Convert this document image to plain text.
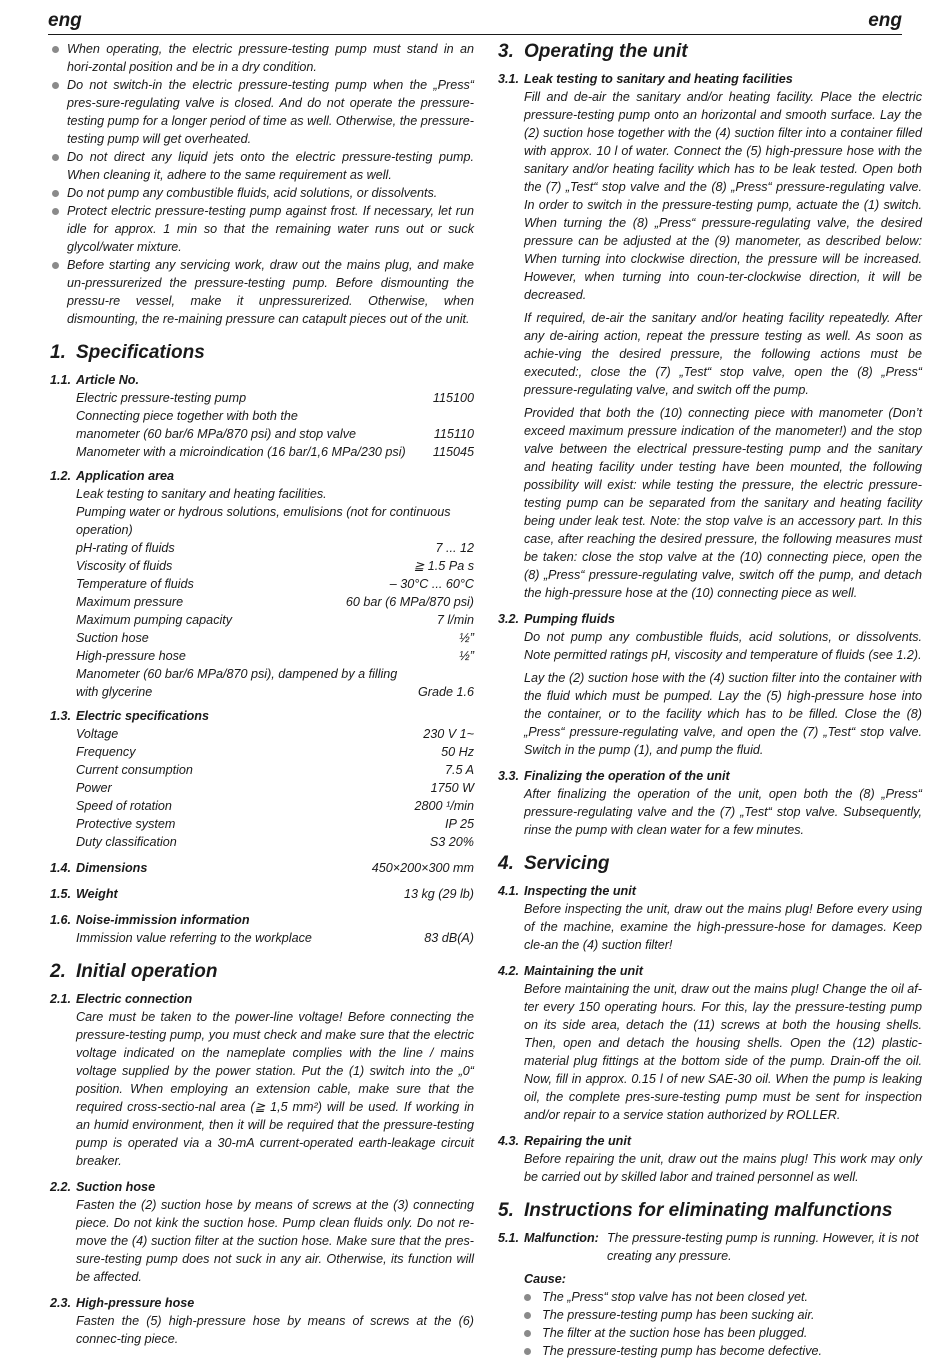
eng	eng
When operating, the electric pressure-testing pump must stand in an hori-zontal position and be in a dry condition.
Do not switch-in the electric pressure-testing pump when the „Press“ pres-sure-regulating valve is closed. And do not operate the pressure-testing pump for a longer period of time as well. Otherwise, the pressure-testing pump will get overheated.
Do not direct any liquid jets onto the electric pressure-testing pump. When cleaning it, adhere to the same requirement as well.
Do not pump any combustible fluids, acid solutions, or dissolvents.
Protect electric pressure-testing pump against frost. If necessary, let run idle for approx. 1 min so that the remaining water runs out or suck glycol/water mixture.
Before starting any servicing work, draw out the mains plug, and make un-pressurerized the pressure-testing pump. Before dismounting the pressu-re vessel, make it unpressurerized. Otherwise, when dismounting, the re-maining pressure can catapult pieces out of the unit.
1. Specifications
1.1. Article No.
Electric pressure-testing pump	115100
Connecting piece together with both the
manometer (60 bar/6 MPa/870 psi) and stop valve	115110
Manometer with a microindication (16 bar/1,6 MPa/230 psi)	115045
1.2. Application area
Leak testing to sanitary and heating facilities.
Pumping water or hydrous solutions, emulisions (not for continuous operation)
pH-rating of fluids	7 ... 12
Viscosity of fluids	≧ 1.5 Pa s
Temperature of fluids	– 30°C ... 60°C
Maximum pressure	60 bar (6 MPa/870 psi)
Maximum pumping capacity	7 l/min
Suction hose	½”
High-pressure hose	½”
Manometer (60 bar/6 MPa/870 psi), dampened by a filling
with glycerine	Grade 1.6
1.3. Electric specifications
Voltage	230 V 1~
Frequency	50 Hz
Current consumption	7.5 A
Power	1750 W
Speed of rotation	2800 ¹/min
Protective system	IP 25
Duty classification	S3 20%
1.4. Dimensions	450×200×300 mm
1.5. Weight	13 kg (29 lb)
1.6. Noise-immission information
Immission value referring to the workplace	83 dB(A)
2. Initial operation
2.1. Electric connection
Care must be taken to the power-line voltage! Before connecting the pressure-testing pump, you must check and make sure that the electric voltage indicated on the nameplate complies with the line / mains voltage supplied by the power station. Put the (1) switch into the „0“ position. When employing an extension cable, make sure that the required cross-sectio-nal area (≧ 1,5 mm²) will be used. If working in an humid environment, then it will be required that the pressure-testing pump is operated via a 30-mA current-operated earth-leakage circuit breaker.
2.2. Suction hose
Fasten the (2) suction hose by means of screws at the (3) connecting piece. Do not kink the suction hose. Pump clean fluids only. Do not re-move the (4) suction filter at the suction hose. Make sure that the pres-sure-testing pump does not suck in any air. Otherwise, its function will be affected.
2.3. High-pressure hose
Fasten the (5) high-pressure hose by means of screws at the (6) connec-ting piece.
3. Operating the unit
3.1. Leak testing to sanitary and heating facilities
Fill and de-air the sanitary and/or heating facility. Place the electric pressure-testing pump onto an horizontal and smooth surface. Lay the (2) suction hose together with the (4) suction filter into a container filled with approx. 10 l of water. Connect the (5) high-pressure hose with the sanitary and/or heating facility which has to be leak tested. Open both the (7) „Test“ stop valve and the (8) „Press“ pressure-regulating valve. In order to switch in the pressure-testing pump, actuate the (1) switch. When turning the (8) „Press“ pressure-regulating valve, the desired pressure can be adjusted at the (9) manometer, as described below: When turning into clockwise direction, the pressure will be increased. However, when turning into coun-ter-clockwise direction, it will be decreased.
If required, de-air the sanitary and/or heating facility repeatedly. After any de-airing action, repeat the pressure testing as well. As soon as achie-ving the desired pressure, the following actions must be executed:, close the (7) „Test“ stop valve, open the (8) „Press“ pressure-regulating valve, and switch off the pump.
Provided that both the (10) connecting piece with manometer (Don’t exceed maximum pressure indication of the manometer!) and the stop valve between the electrical pressure-testing pump and the sanitary and heating facility under testing have been mounted, the following possibility will exist: while testing the pressure, the electric pressure-testing pump can be separated from the sanitary and heating facility being under leak test. Note: the stop valve is an accessory part. In this case, after reaching the desired pressure, the following measures must be taken: close the stop valve at the (10) connecting piece, open the (8) „Press“ pressure-regulating valve, switch off the pump, and detach the high-pressure hose at the (10) connecting piece as well.
3.2. Pumping fluids
Do not pump any combustible fluids, acid solutions, or dissolvents. Note permitted ratings pH, viscosity and temperature of fluids (see 1.2).
Lay the (2) suction hose with the (4) suction filter into the container with the fluid which must be pumped. Lay the (5) high-pressure hose into the container, or to the facility which has to be filled. Close the (8) „Press“ pressure-regulating valve, and open the (7) „Test“ stop valve. Switch in the pump (1), and pump the fluid.
3.3. Finalizing the operation of the unit
After finalizing the operation of the unit, open both the (8) „Press“ pressure-regulating valve and the (7) „Test“ stop valve. Subsequently, rinse the pump with clean water for a few minutes.
4. Servicing
4.1. Inspecting the unit
Before inspecting the unit, draw out the mains plug! Before every using of the machine, examine the high-pressure-hose for damages. Keep cle-an the (4) suction filter!
4.2. Maintaining the unit
Before maintaining the unit, draw out the mains plug! Change the oil af-ter every 150 operating hours. For this, lay the pressure-testing pump on its side area, detach the (11) screws at both the housing shells. Then, open and detach the housing shells. Open the (12) plastic-material plug fittings at the bottom side of the pump. Drain-off the oil. Now, fill in approx. 0.15 l of new SAE-30 oil. When the pump is leaking oil, the complete pres-sure-testing pump must be sent for inspection and/or repair to a service station authorized by ROLLER.
4.3. Repairing the unit
Before repairing the unit, draw out the mains plug! This work may only be carried out by skilled labor and trained personnel as well.
5. Instructions for eliminating malfunctions
5.1. Malfunction: The pressure-testing pump is running. However, it is not creating any pressure.
Cause:
The „Press“ stop valve has not been closed yet.
The pressure-testing pump has been sucking air.
The filter at the suction hose has been plugged.
The pressure-testing pump has become defective.
